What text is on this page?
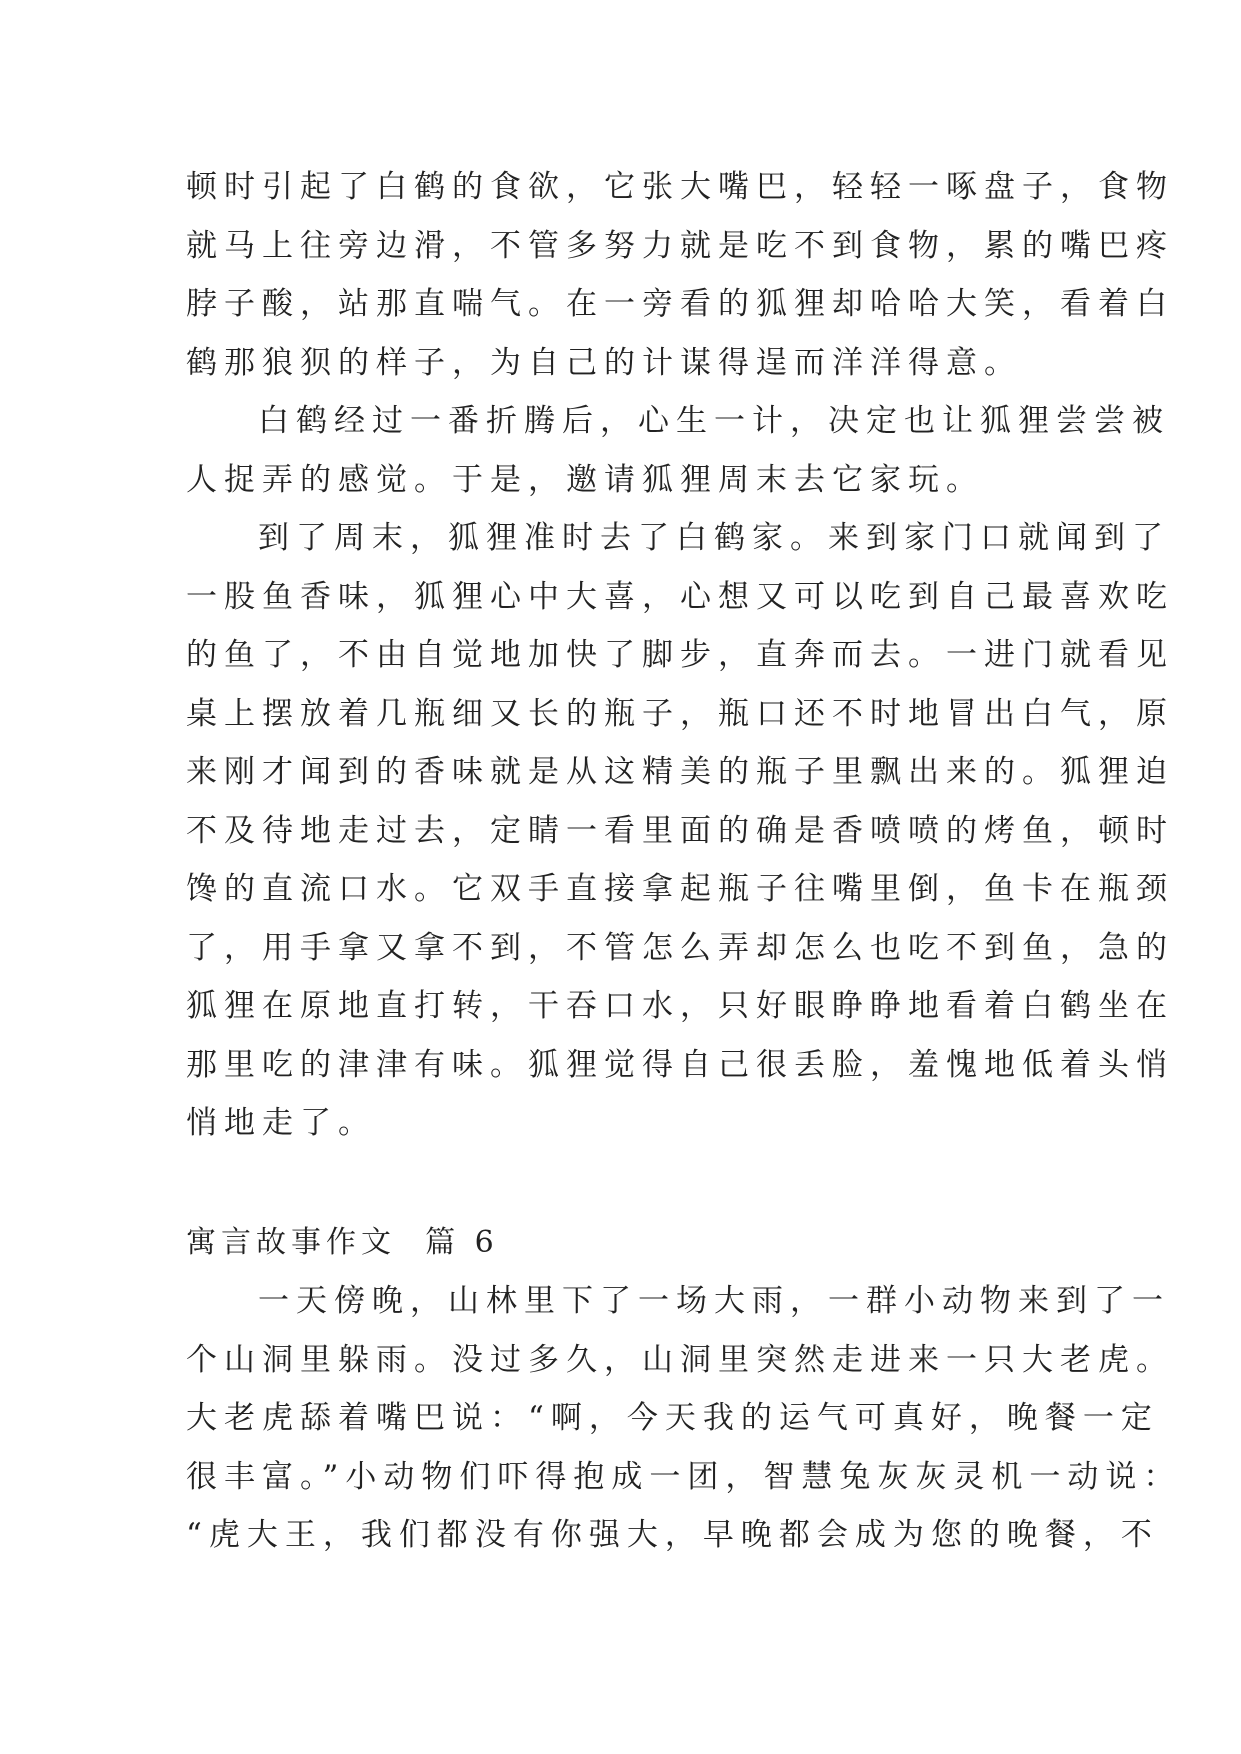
顿时引起了白鹤的食欲，它张大嘴巴，轻轻一啄盘子，食物
就马上往旁边滑，不管多努力就是吃不到食物，累的嘴巴疼
脖子酸，站那直喘气。在一旁看的狐狸却哈哈大笑，看着白
鹤那狼狈的样子，为自己的计谋得逞而洋洋得意。
白鹤经过一番折腾后，心生一计，决定也让狐狸尝尝被
人捉弄的感觉。于是，邀请狐狸周末去它家玩。
到了周末，狐狸准时去了白鹤家。来到家门口就闻到了
一股鱼香味，狐狸心中大喜，心想又可以吃到自己最喜欢吃
的鱼了，不由自觉地加快了脚步，直奔而去。一进门就看见
桌上摆放着几瓶细又长的瓶子，瓶口还不时地冒出白气，原
来刚才闻到的香味就是从这精美的瓶子里飘出来的。狐狸迫
不及待地走过去，定睛一看里面的确是香喷喷的烤鱼，顿时
馋的直流口水。它双手直接拿起瓶子往嘴里倒，鱼卡在瓶颈
了，用手拿又拿不到，不管怎么弄却怎么也吃不到鱼，急的
狐狸在原地直打转，干吞口水，只好眼睁睁地看着白鹤坐在
那里吃的津津有味。狐狸觉得自己很丢脸，羞愧地低着头悄
悄地走了。
寓言故事作文  篇 6
一天傍晚，山林里下了一场大雨，一群小动物来到了一
个山洞里躲雨。没过多久，山洞里突然走进来一只大老虎。
大老虎舔着嘴巴说：“啊，今天我的运气可真好，晚餐一定
很丰富。”小动物们吓得抱成一团，智慧兔灰灰灵机一动说：
“虎大王，我们都没有你强大，早晚都会成为您的晚餐，不
